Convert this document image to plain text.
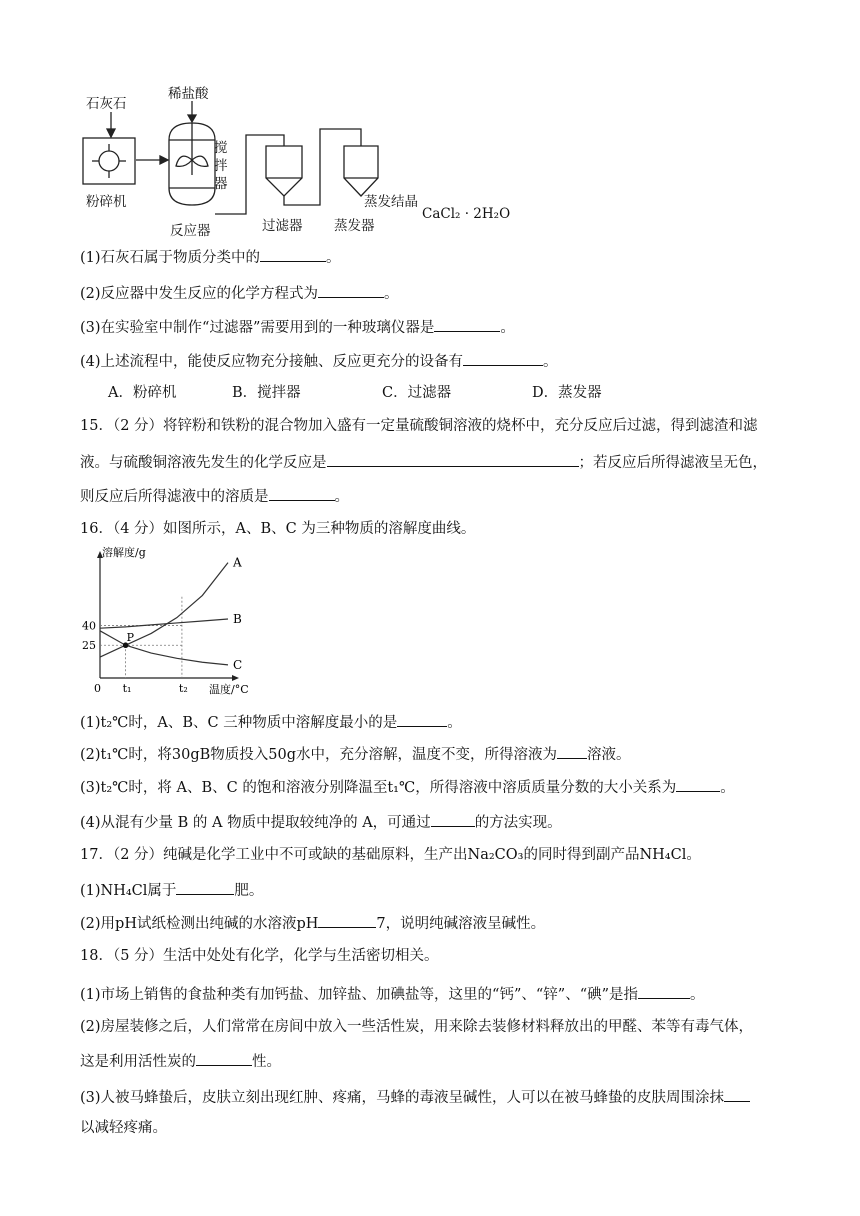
石灰石
稀盐酸
搅
拌
器
粉碎机
反应器	过滤器 蒸发器
蒸发结晶
CaCl₂ · 2H₂O
(1)石灰石属于物质分类中的	。
(2)反应器中发生反应的化学方程式为	。
(3)在实验室中制作“过滤器”需要用到的一种玻璃仪器是	。
(4)上述流程中，能使反应物充分接触、反应更充分的设备有	。
A．粉碎机	B．搅拌器	C．过滤器	D．蒸发器
15．（2 分）将锌粉和铁粉的混合物加入盛有一定量硫酸铜溶液的烧杯中，充分反应后过滤，得到滤渣和滤
液。与硫酸铜溶液先发生的化学反应是	；若反应后所得滤液呈无色，
则反应后所得滤液中的溶质是	。
16．（4 分）如图所示，A、B、C 为三种物质的溶解度曲线。
25
40
A
B
C
P
溶解度/g
温度/°C
0 t₁	t₂
(1)t₂℃时，A、B、C 三种物质中溶解度最小的是	。
(2)t₁℃时，将30gB物质投入50g水中，充分溶解，温度不变，所得溶液为 溶液。
(3)t₂℃时，将 A、B、C 的饱和溶液分别降温至t₁℃，所得溶液中溶质质量分数的大小关系为	。
(4)从混有少量 B 的 A 物质中提取较纯净的 A，可通过	的方法实现。
17．（2 分）纯碱是化学工业中不可或缺的基础原料，生产出Na₂CO₃的同时得到副产品NH₄Cl。
(1)NH₄Cl属于	肥。
(2)用pH试纸检测出纯碱的水溶液pH	7，说明纯碱溶液呈碱性。
18．（5 分）生活中处处有化学，化学与生活密切相关。
(1)市场上销售的食盐种类有加钙盐、加锌盐、加碘盐等，这里的“钙”、“锌”、“碘”是指	。
(2)房屋装修之后，人们常常在房间中放入一些活性炭，用来除去装修材料释放出的甲醛、苯等有毒气体，
这是利用活性炭的	性。
(3)人被马蜂蛰后，皮肤立刻出现红肿、疼痛，马蜂的毒液呈碱性，人可以在被马蜂蛰的皮肤周围涂抹
以减轻疼痛。
